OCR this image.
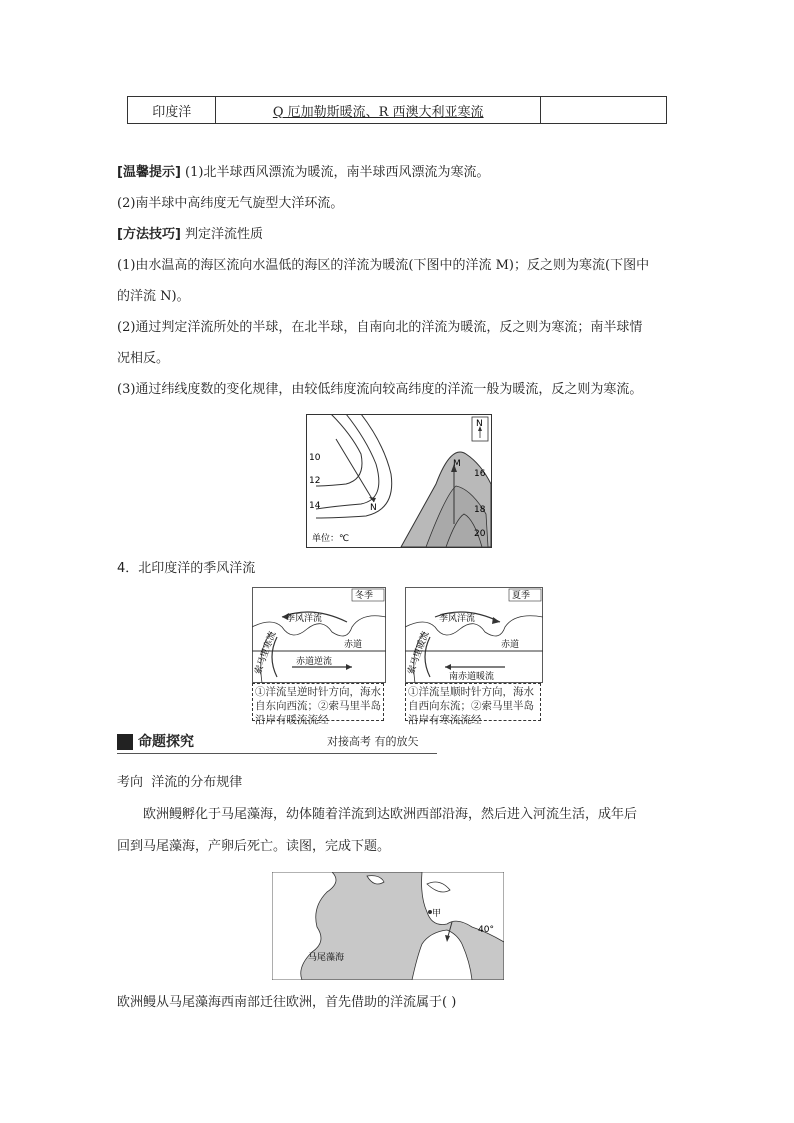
印度洋	Q 厄加勒斯暖流、R 西澳大利亚寒流	
[温馨提示] (1)北半球西风漂流为暖流，南半球西风漂流为寒流。
(2)南半球中高纬度无气旋型大洋环流。
[方法技巧] 判定洋流性质
(1)由水温高的海区流向水温低的海区的洋流为暖流(下图中的洋流 M)；反之则为寒流(下图中
的洋流 N)。
(2)通过判定洋流所处的半球，在北半球，自南向北的洋流为暖流，反之则为寒流；南半球情
况相反。
(3)通过纬线度数的变化规律，由较低纬度流向较高纬度的洋流一般为暖流，反之则为寒流。
N
10
12
14
16
18
20
M
N
单位：℃
4．北印度洋的季风洋流
冬季
季风洋流
赤道
赤道逆流
索马里寒流
①洋流呈逆时针方向，海水
自东向西流；②索马里半岛
沿岸有暖流流经
夏季
季风洋流
赤道
南赤道暖流
索马里暖流
①洋流呈顺时针方向，海水
自西向东流；②索马里半岛
沿岸有寒流流经
命题探究	对接高考 有的放矢
考向 洋流的分布规律
欧洲鳗孵化于马尾藻海，幼体随着洋流到达欧洲西部沿海，然后进入河流生活，成年后
回到马尾藻海，产卵后死亡。读图，完成下题。
甲
40°
马尾藻海
欧洲鳗从马尾藻海西南部迁往欧洲，首先借助的洋流属于( )
